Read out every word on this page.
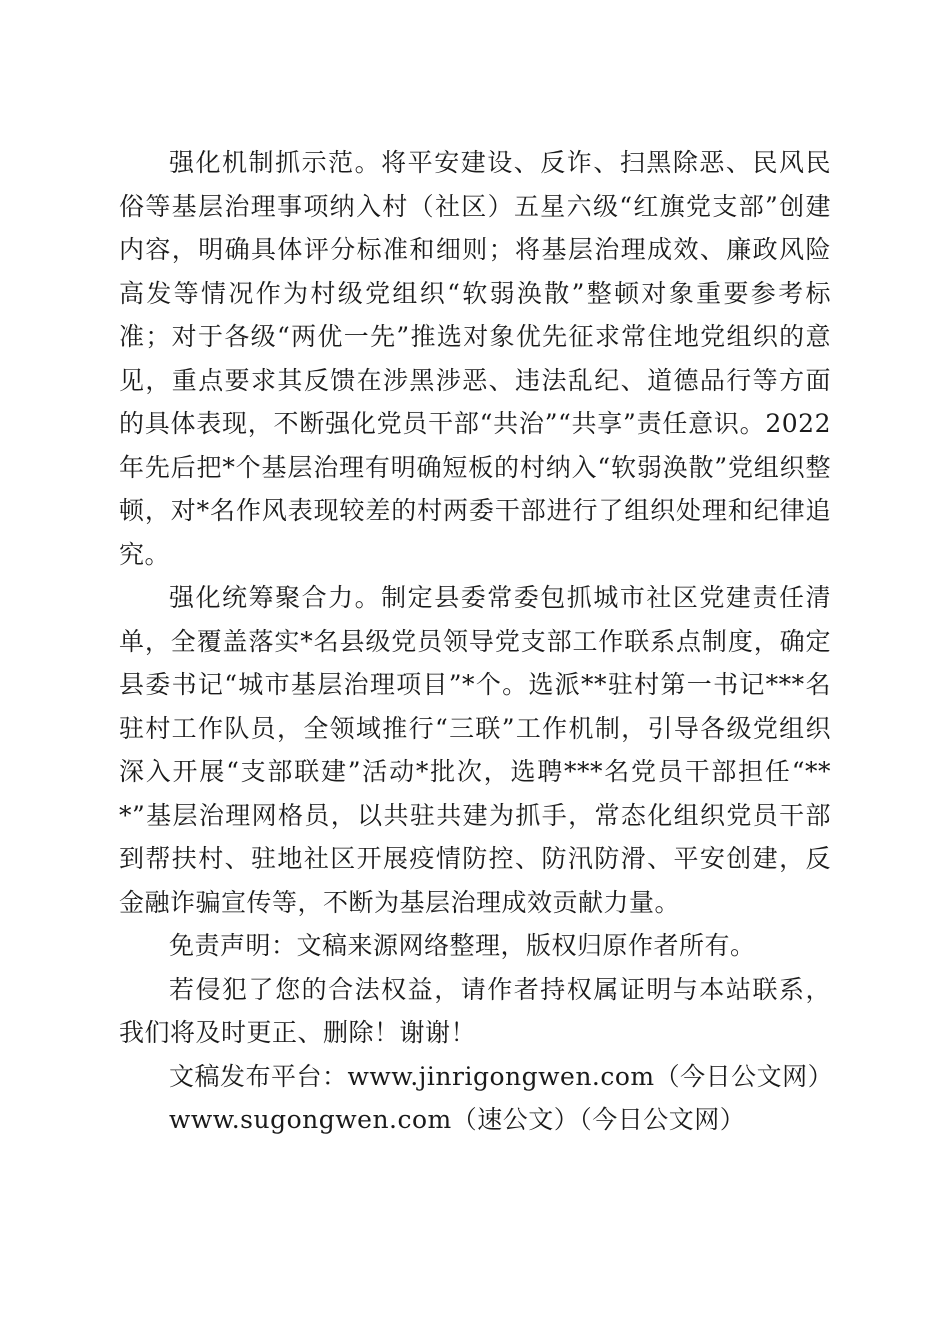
强化机制抓示范。将平安建设、反诈、扫黑除恶、民风民俗等基层治理事项纳入村（社区）五星六级“红旗党支部”创建内容，明确具体评分标准和细则；将基层治理成效、廉政风险高发等情况作为村级党组织“软弱涣散”整顿对象重要参考标准；对于各级“两优一先”推选对象优先征求常住地党组织的意见，重点要求其反馈在涉黑涉恶、违法乱纪、道德品行等方面的具体表现，不断强化党员干部“共治”“共享”责任意识。2022年先后把*个基层治理有明确短板的村纳入“软弱涣散”党组织整顿，对*名作风表现较差的村两委干部进行了组织处理和纪律追究。

强化统筹聚合力。制定县委常委包抓城市社区党建责任清单，全覆盖落实*名县级党员领导党支部工作联系点制度，确定县委书记“城市基层治理项目”*个。选派**驻村第一书记***名驻村工作队员，全领域推行“三联”工作机制，引导各级党组织深入开展“支部联建”活动*批次，选聘***名党员干部担任“***”基层治理网格员，以共驻共建为抓手，常态化组织党员干部到帮扶村、驻地社区开展疫情防控、防汛防滑、平安创建，反金融诈骗宣传等，不断为基层治理成效贡献力量。

免责声明：文稿来源网络整理，版权归原作者所有。

若侵犯了您的合法权益，请作者持权属证明与本站联系，我们将及时更正、删除！谢谢！

文稿发布平台：www.jinrigongwen.com（今日公文网）

www.sugongwen.com（速公文）（今日公文网）
